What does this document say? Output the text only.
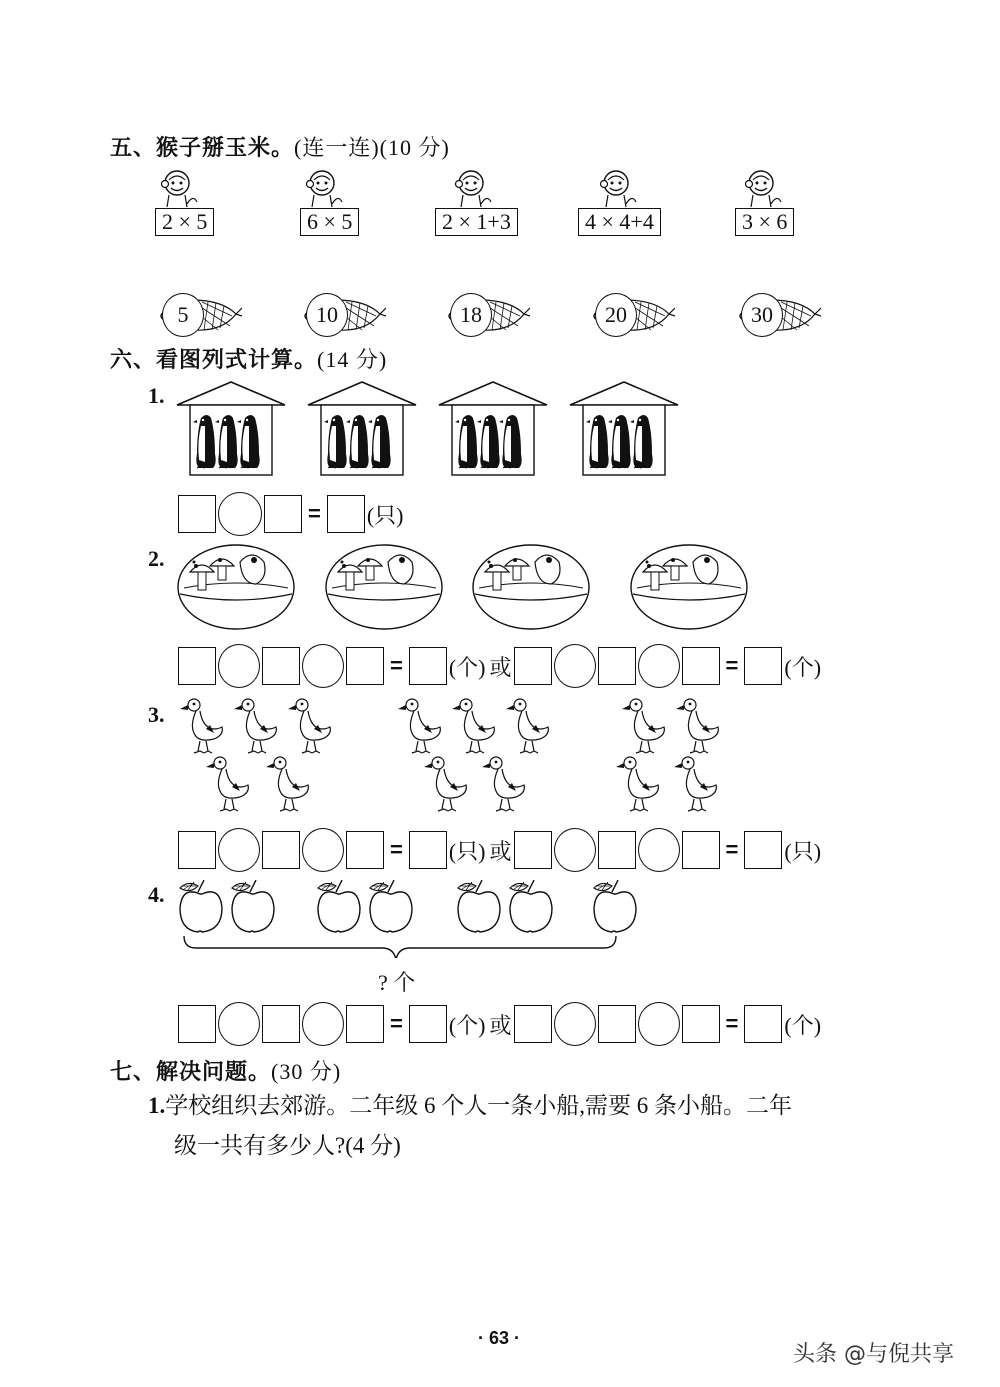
五、猴子掰玉米。(连一连)(10 分)
2 × 5	6 × 5	2 × 1+3	4 × 4+4	3 × 6
5	10	18	20	30
六、看图列式计算。(14 分)
1.
= (只)
2.
= (个) 或	= (个)
3.
= (只) 或	= (只)
4.
? 个
= (个) 或	= (个)
七、解决问题。(30 分)
1.学校组织去郊游。二年级 6 个人一条小船,需要 6 条小船。二年
级一共有多少人?(4 分)
· 63 ·
头条 @与倪共享
